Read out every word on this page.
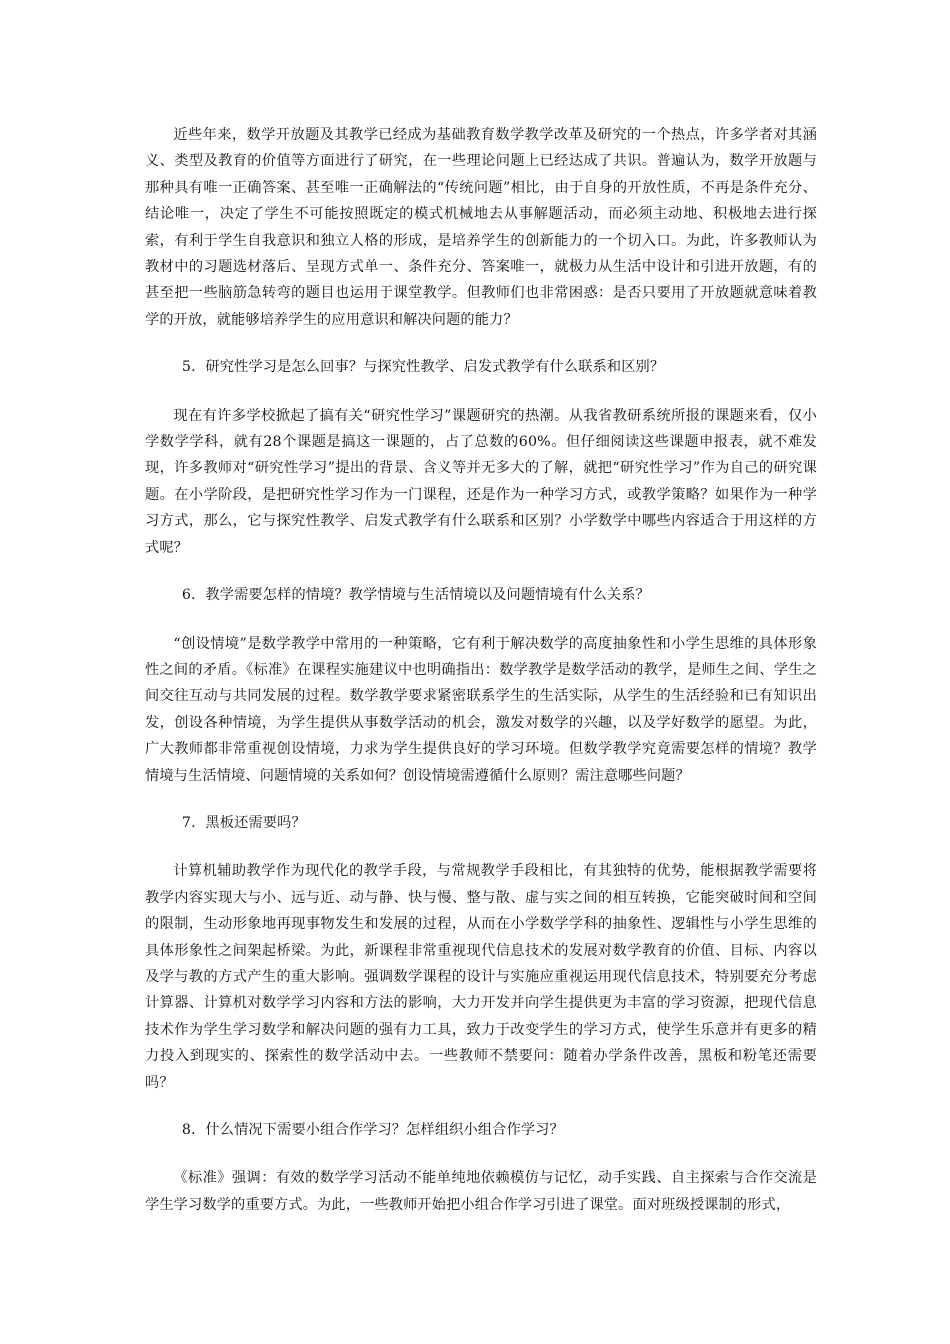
近些年来，数学开放题及其教学已经成为基础教育数学教学改革及研究的一个热点，许多学者对其涵义、类型及教育的价值等方面进行了研究，在一些理论问题上已经达成了共识。普遍认为，数学开放题与那种具有唯一正确答案、甚至唯一正确解法的“传统问题”相比，由于自身的开放性质，不再是条件充分、结论唯一，决定了学生不可能按照既定的模式机械地去从事解题活动，而必须主动地、积极地去进行探索，有利于学生自我意识和独立人格的形成，是培养学生的创新能力的一个切入口。为此，许多教师认为教材中的习题选材落后、呈现方式单一、条件充分、答案唯一，就极力从生活中设计和引进开放题，有的甚至把一些脑筋急转弯的题目也运用于课堂教学。但教师们也非常困惑：是否只要用了开放题就意味着教学的开放，就能够培养学生的应用意识和解决问题的能力？

5．研究性学习是怎么回事？与探究性教学、启发式教学有什么联系和区别？

现在有许多学校掀起了搞有关“研究性学习”课题研究的热潮。从我省教研系统所报的课题来看，仅小学数学学科，就有28个课题是搞这一课题的，占了总数的60%。但仔细阅读这些课题申报表，就不难发现，许多教师对“研究性学习”提出的背景、含义等并无多大的了解，就把“研究性学习”作为自己的研究课题。在小学阶段，是把研究性学习作为一门课程，还是作为一种学习方式，或教学策略？如果作为一种学习方式，那么，它与探究性教学、启发式教学有什么联系和区别？小学数学中哪些内容适合于用这样的方式呢？

6．教学需要怎样的情境？教学情境与生活情境以及问题情境有什么关系？

“创设情境”是数学教学中常用的一种策略，它有利于解决数学的高度抽象性和小学生思维的具体形象性之间的矛盾。《标准》在课程实施建议中也明确指出：数学教学是数学活动的教学，是师生之间、学生之间交往互动与共同发展的过程。数学教学要求紧密联系学生的生活实际，从学生的生活经验和已有知识出发，创设各种情境，为学生提供从事数学活动的机会，激发对数学的兴趣，以及学好数学的愿望。为此，广大教师都非常重视创设情境，力求为学生提供良好的学习环境。但数学教学究竟需要怎样的情境？教学情境与生活情境、问题情境的关系如何？创设情境需遵循什么原则？需注意哪些问题？

7．黑板还需要吗？

计算机辅助教学作为现代化的教学手段，与常规教学手段相比，有其独特的优势，能根据教学需要将教学内容实现大与小、远与近、动与静、快与慢、整与散、虚与实之间的相互转换，它能突破时间和空间的限制，生动形象地再现事物发生和发展的过程，从而在小学数学学科的抽象性、逻辑性与小学生思维的具体形象性之间架起桥梁。为此，新课程非常重视现代信息技术的发展对数学教育的价值、目标、内容以及学与教的方式产生的重大影响。强调数学课程的设计与实施应重视运用现代信息技术，特别要充分考虑计算器、计算机对数学学习内容和方法的影响，大力开发并向学生提供更为丰富的学习资源，把现代信息技术作为学生学习数学和解决问题的强有力工具，致力于改变学生的学习方式，使学生乐意并有更多的精力投入到现实的、探索性的数学活动中去。一些教师不禁要问：随着办学条件改善，黑板和粉笔还需要吗？

8．什么情况下需要小组合作学习？怎样组织小组合作学习？

《标准》强调：有效的数学学习活动不能单纯地依赖模仿与记忆，动手实践、自主探索与合作交流是学生学习数学的重要方式。为此，一些教师开始把小组合作学习引进了课堂。面对班级授课制的形式，
